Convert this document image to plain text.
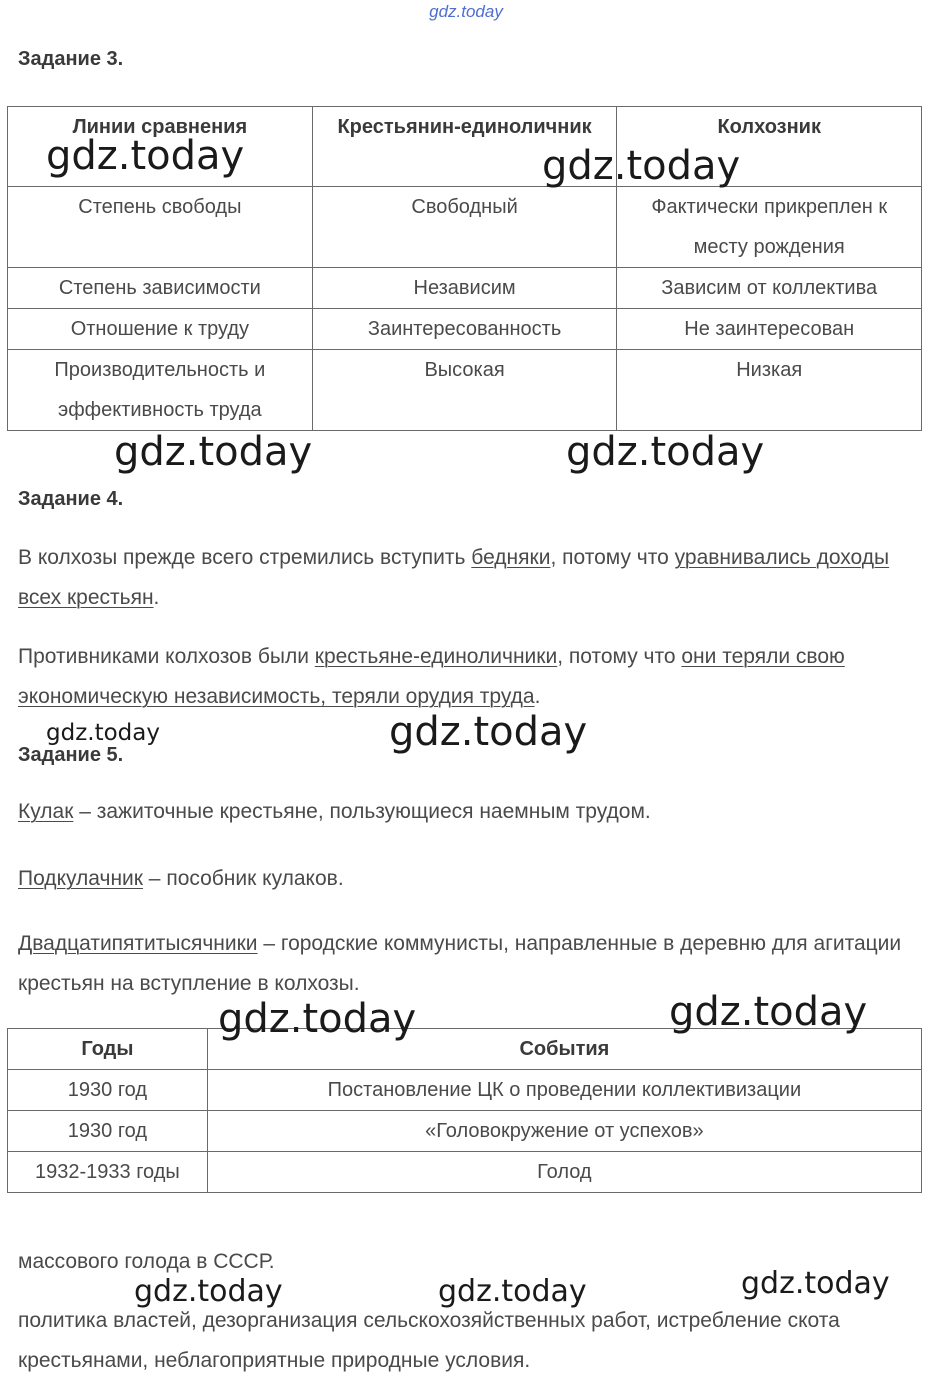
gdz.today
Задание 3.
Линии сравнения	Крестьянин-единоличник	Колхозник
Степень свободы	Свободный	Фактически прикреплен к месту рождения
Степень зависимости	Независим	Зависим от коллектива
Отношение к труду	Заинтересованность	Не заинтересован
Производительность и эффективность труда	Высокая	Низкая
Задание 4.
В колхозы прежде всего стремились вступить бедняки, потому что уравнивались доходы всех крестьян.
Противниками колхозов были крестьяне-единоличники, потому что они теряли свою экономическую независимость, теряли орудия труда.
Задание 5.
Кулак – зажиточные крестьяне, пользующиеся наемным трудом.
Подкулачник – пособник кулаков.
Двадцатипятитысячники – городские коммунисты, направленные в деревню для агитации крестьян на вступление в колхозы.
Годы	События
1930 год	Постановление ЦК о проведении коллективизации
1930 год	«Головокружение от успехов»
1932-1933 годы	Голод
массового голода в СССР.
политика властей, дезорганизация сельскохозяйственных работ, истребление скота крестьянами, неблагоприятные природные условия.
gdz.today	gdz.today
gdz.today	gdz.today
gdz.today	gdz.today
gdz.today	gdz.today
gdz.today	gdz.today	gdz.today
